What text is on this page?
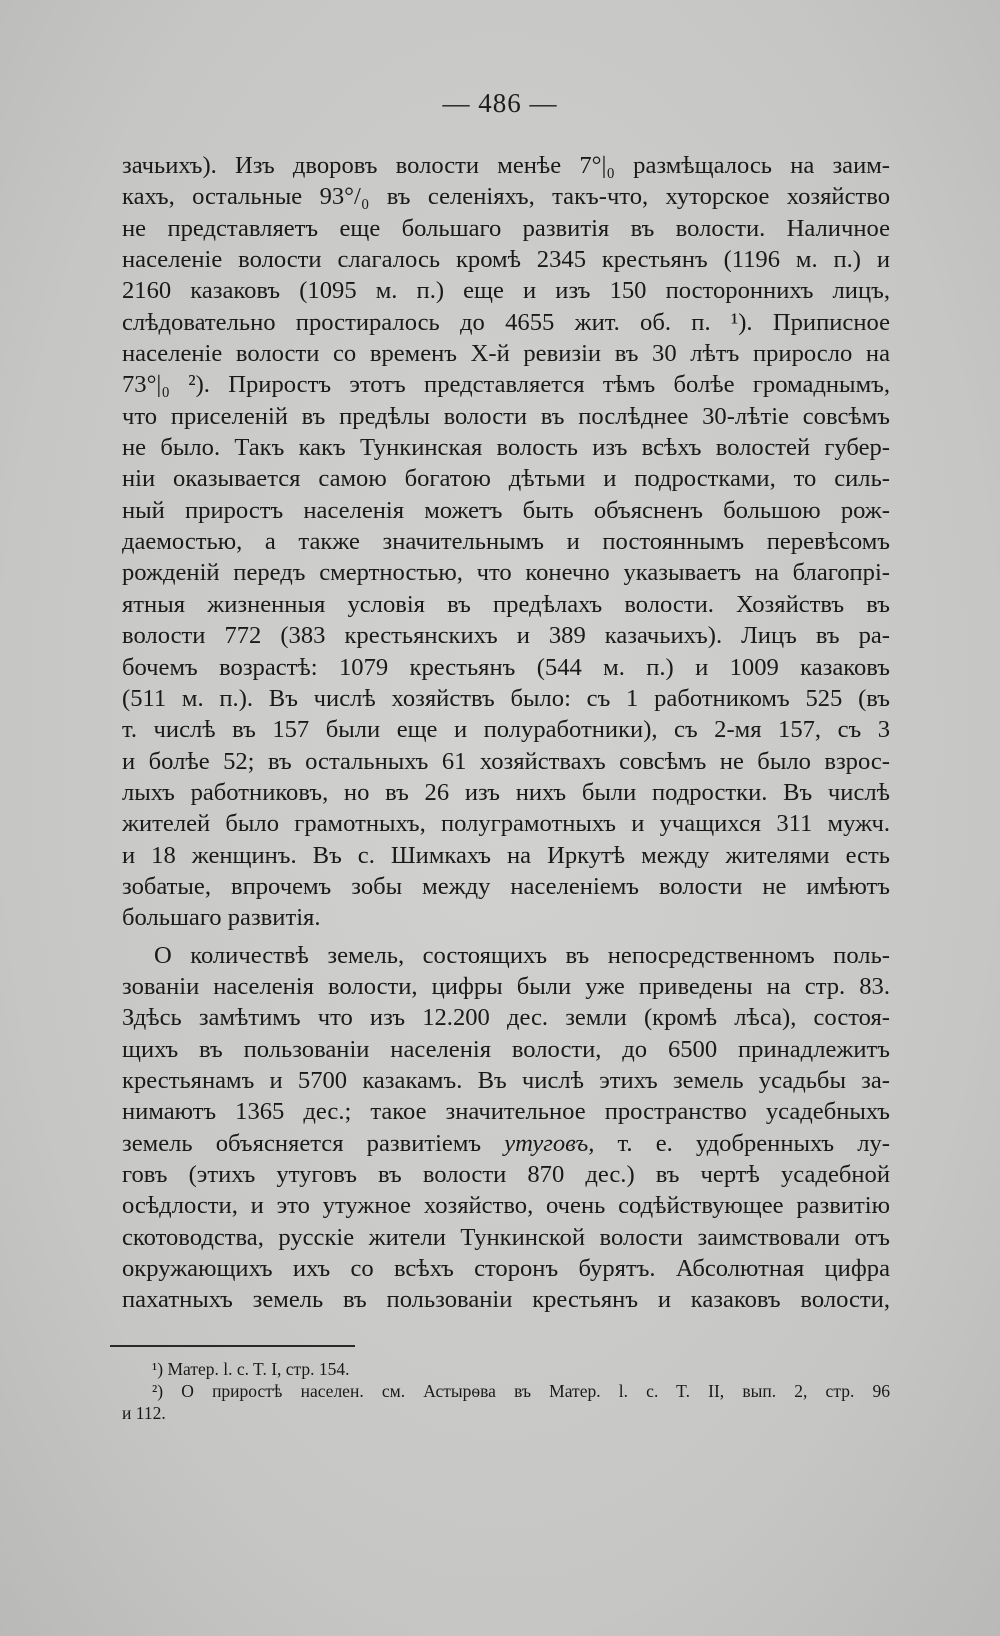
— 486 —
зачьихъ). Изъ дворовъ волости менѣе 7°|₀ размѣщалось на заим-
кахъ, остальные 93°/₀ въ селеніяхъ, такъ-что, хуторское хозяйство
не представляетъ еще большаго развитія въ волости. Наличное
населеніе волости слагалось кромѣ 2345 крестьянъ (1196 м. п.) и
2160 казаковъ (1095 м. п.) еще и изъ 150 постороннихъ лицъ,
слѣдовательно простиралось до 4655 жит. об. п. ¹). Приписное
населеніе волости со временъ Х-й ревизіи въ 30 лѣтъ приросло на
73°|₀ ²). Приростъ этотъ представляется тѣмъ болѣе громаднымъ,
что приселеній въ предѣлы волости въ послѣднее 30-лѣтіе совсѣмъ
не было. Такъ какъ Тункинская волость изъ всѣхъ волостей губер-
ніи оказывается самою богатою дѣтьми и подростками, то силь-
ный приростъ населенія можетъ быть объясненъ большою рож-
даемостью, а также значительнымъ и постояннымъ перевѣсомъ
рожденій передъ смертностью, что конечно указываетъ на благопрі-
ятныя жизненныя условія въ предѣлахъ волости. Хозяйствъ въ
волости 772 (383 крестьянскихъ и 389 казачьихъ). Лицъ въ ра-
бочемъ возрастѣ: 1079 крестьянъ (544 м. п.) и 1009 казаковъ
(511 м. п.). Въ числѣ хозяйствъ было: съ 1 работникомъ 525 (въ
т. числѣ въ 157 были еще и полуработники), съ 2-мя 157, съ 3
и болѣе 52; въ остальныхъ 61 хозяйствахъ совсѣмъ не было взрос-
лыхъ работниковъ, но въ 26 изъ нихъ были подростки. Въ числѣ
жителей было грамотныхъ, полуграмотныхъ и учащихся 311 мужч.
и 18 женщинъ. Въ с. Шимкахъ на Иркутѣ между жителями есть
зобатые, впрочемъ зобы между населеніемъ волости не имѣютъ
большаго развитія.
О количествѣ земель, состоящихъ въ непосредственномъ поль-
зованіи населенія волости, цифры были уже приведены на стр. 83.
Здѣсь замѣтимъ что изъ 12.200 дес. земли (кромѣ лѣса), состоя-
щихъ въ пользованіи населенія волости, до 6500 принадлежитъ
крестьянамъ и 5700 казакамъ. Въ числѣ этихъ земель усадьбы за-
нимаютъ 1365 дес.; такое значительное пространство усадебныхъ
земель объясняется развитіемъ утуговъ, т. е. удобренныхъ лу-
говъ (этихъ утуговъ въ волости 870 дес.) въ чертѣ усадебной
осѣдлости, и это утужное хозяйство, очень содѣйствующее развитію
скотоводства, русскіе жители Тункинской волости заимствовали отъ
окружающихъ ихъ со всѣхъ сторонъ бурятъ. Абсолютная цифра
пахатныхъ земель въ пользованіи крестьянъ и казаковъ волости,
¹) Матер. l. c. T. I, стр. 154.
²) О приростѣ населен. см. Астырѳва въ Матер. l. c. T. II, вып. 2, стр. 96
и 112.
